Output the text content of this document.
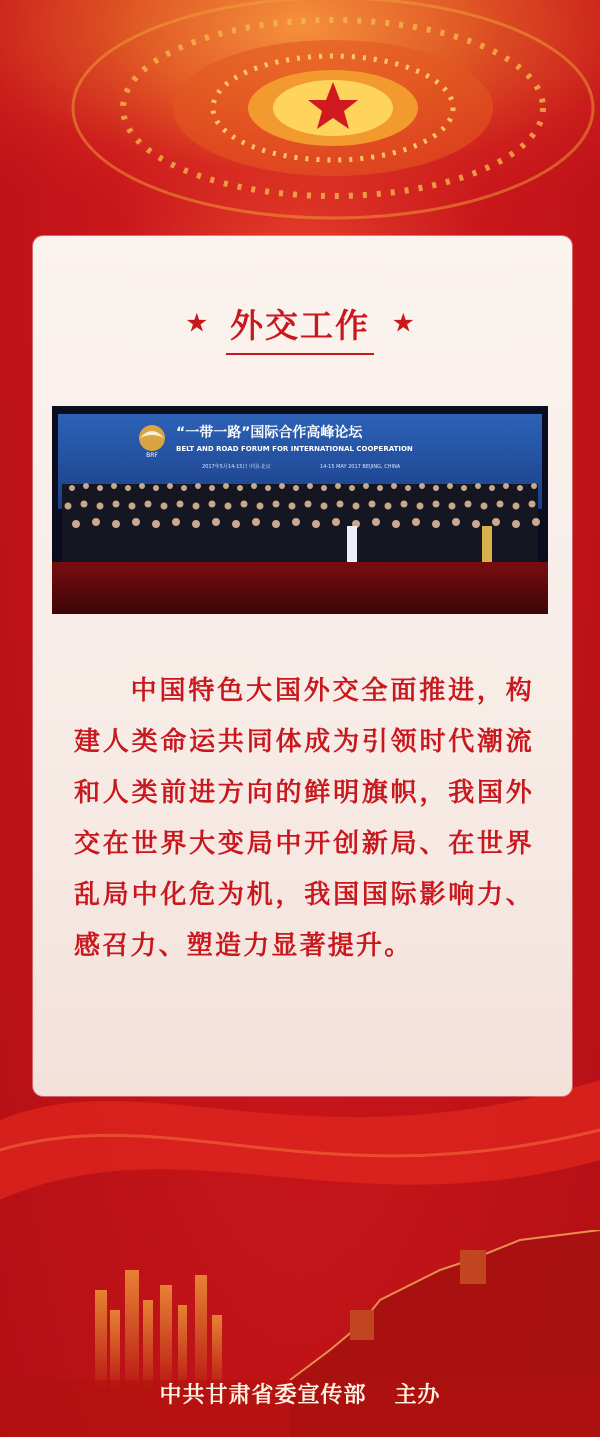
★ 外交工作 ★
BRF
“一带一路”国际合作高峰论坛
BELT AND ROAD FORUM FOR INTERNATIONAL COOPERATION
2017年5月14-15日 中国·北京	14-15 MAY 2017 BEIJING, CHINA
中国特色大国外交全面推进，构建人类命运共同体成为引领时代潮流和人类前进方向的鲜明旗帜，我国外交在世界大变局中开创新局、在世界乱局中化危为机，我国国际影响力、感召力、塑造力显著提升。
中共甘肃省委宣传部 主办
